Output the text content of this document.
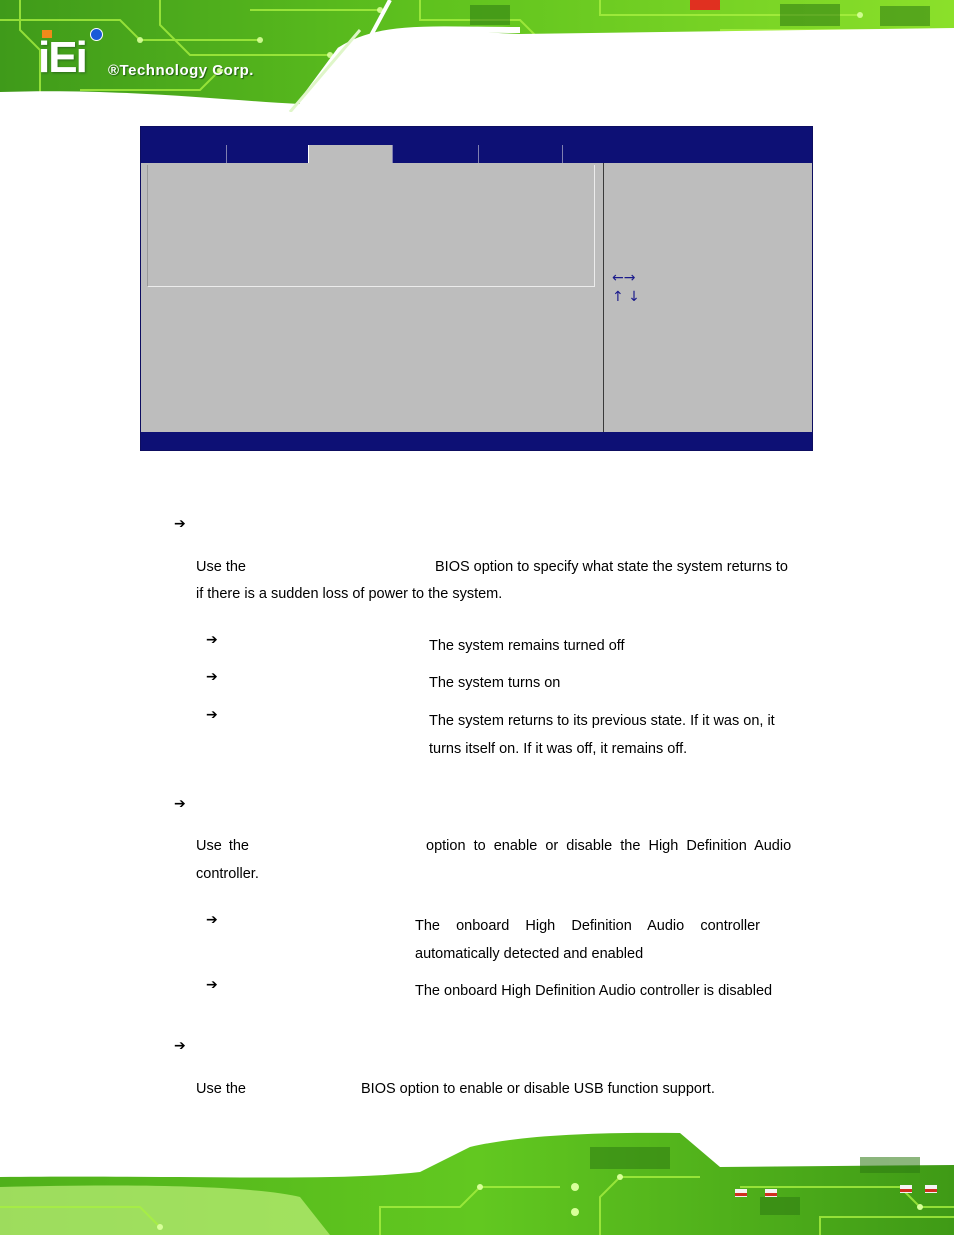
iEi ®Technology Corp.
←→
↑ ↓
➔
Use the	BIOS option to specify what state the system returns to
if there is a sudden loss of power to the system.
➔	The system remains turned off
➔	The system turns on
➔	The system returns to its previous state. If it was on, it
turns itself on. If it was off, it remains off.
➔
Use the	option  to  enable  or  disable  the  High  Definition  Audio
controller.
➔	The    onboard    High    Definition    Audio    controller
automatically detected and enabled
➔	The onboard High Definition Audio controller is disabled
➔
Use the	BIOS option to enable or disable USB function support.
